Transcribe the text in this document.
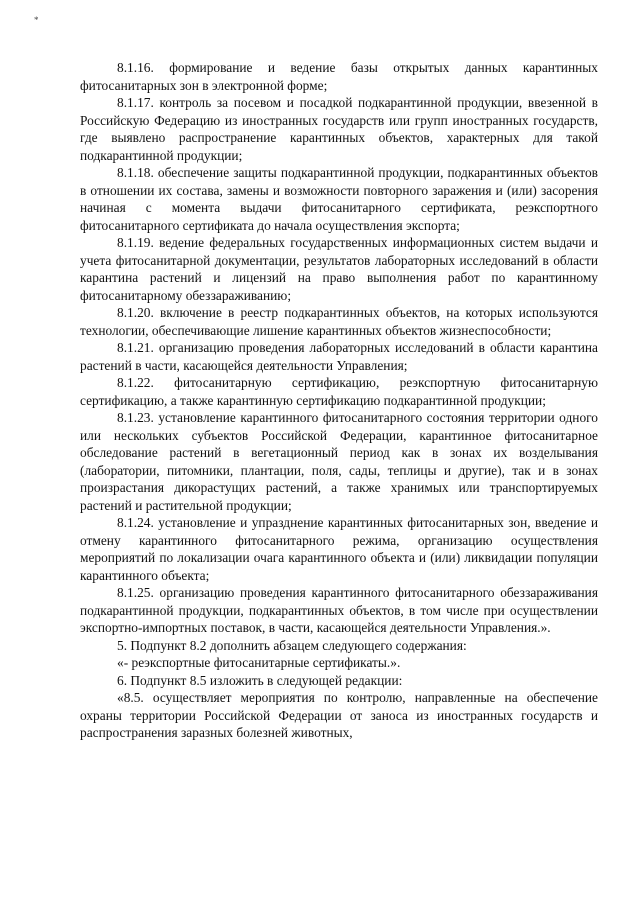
*

8.1.16. формирование и ведение базы открытых данных карантинных фитосанитарных зон в электронной форме;

8.1.17. контроль за посевом и посадкой подкарантинной продукции, ввезенной в Российскую Федерацию из иностранных государств или групп иностранных государств, где выявлено распространение карантинных объектов, характерных для такой подкарантинной продукции;

8.1.18. обеспечение защиты подкарантинной продукции, подкарантинных объектов в отношении их состава, замены и возможности повторного заражения и (или) засорения начиная с момента выдачи фитосанитарного сертификата, реэкспортного фитосанитарного сертификата до начала осуществления экспорта;

8.1.19. ведение федеральных государственных информационных систем выдачи и учета фитосанитарной документации, результатов лабораторных исследований в области карантина растений и лицензий на право выполнения работ по карантинному фитосанитарному обеззараживанию;

8.1.20. включение в реестр подкарантинных объектов, на которых используются технологии, обеспечивающие лишение карантинных объектов жизнеспособности;

8.1.21. организацию проведения лабораторных исследований в области карантина растений в части, касающейся деятельности Управления;

8.1.22. фитосанитарную сертификацию, реэкспортную фитосанитарную сертификацию, а также карантинную сертификацию подкарантинной продукции;

8.1.23. установление карантинного фитосанитарного состояния территории одного или нескольких субъектов Российской Федерации, карантинное фитосанитарное обследование растений в вегетационный период как в зонах их возделывания (лаборатории, питомники, плантации, поля, сады, теплицы и другие), так и в зонах произрастания дикорастущих растений, а также хранимых или транспортируемых растений и растительной продукции;

8.1.24. установление и упразднение карантинных фитосанитарных зон, введение и отмену карантинного фитосанитарного режима, организацию осуществления мероприятий по локализации очага карантинного объекта и (или) ликвидации популяции карантинного объекта;

8.1.25. организацию проведения карантинного фитосанитарного обеззараживания подкарантинной продукции, подкарантинных объектов, в том числе при осуществлении экспортно-импортных поставок, в части, касающейся деятельности Управления.».

5. Подпункт 8.2 дополнить абзацем следующего содержания:

«- реэкспортные фитосанитарные сертификаты.».

6. Подпункт 8.5 изложить в следующей редакции:

«8.5. осуществляет мероприятия по контролю, направленные на обеспечение охраны территории Российской Федерации от заноса из иностранных государств и распространения заразных болезней животных,
